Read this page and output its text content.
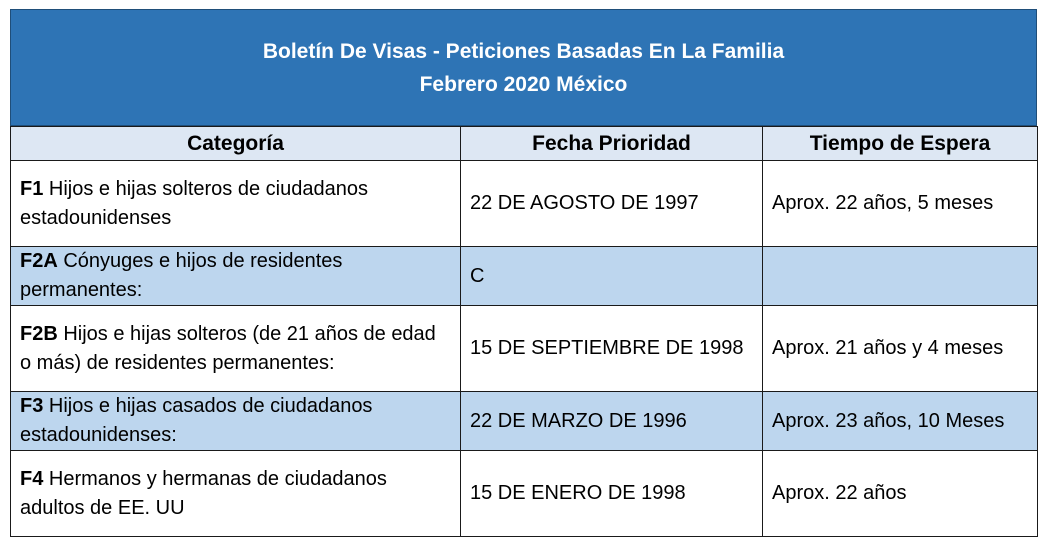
Boletín De Visas - Peticiones Basadas En La Familia
Febrero 2020 México
Categoría	Fecha Prioridad	Tiempo de Espera
F1 Hijos e hijas solteros de ciudadanos estadounidenses	22 DE AGOSTO DE 1997	Aprox. 22 años, 5 meses
F2A Cónyuges e hijos de residentes permanentes:	C	
F2B Hijos e hijas solteros (de 21 años de edad o más) de residentes permanentes:	15 DE SEPTIEMBRE DE 1998	Aprox. 21 años y 4 meses
F3 Hijos e hijas casados de ciudadanos estadounidenses:	22 DE MARZO DE 1996	Aprox. 23 años, 10 Meses
F4 Hermanos y hermanas de ciudadanos adultos de EE. UU	15 DE ENERO DE 1998	Aprox. 22 años
